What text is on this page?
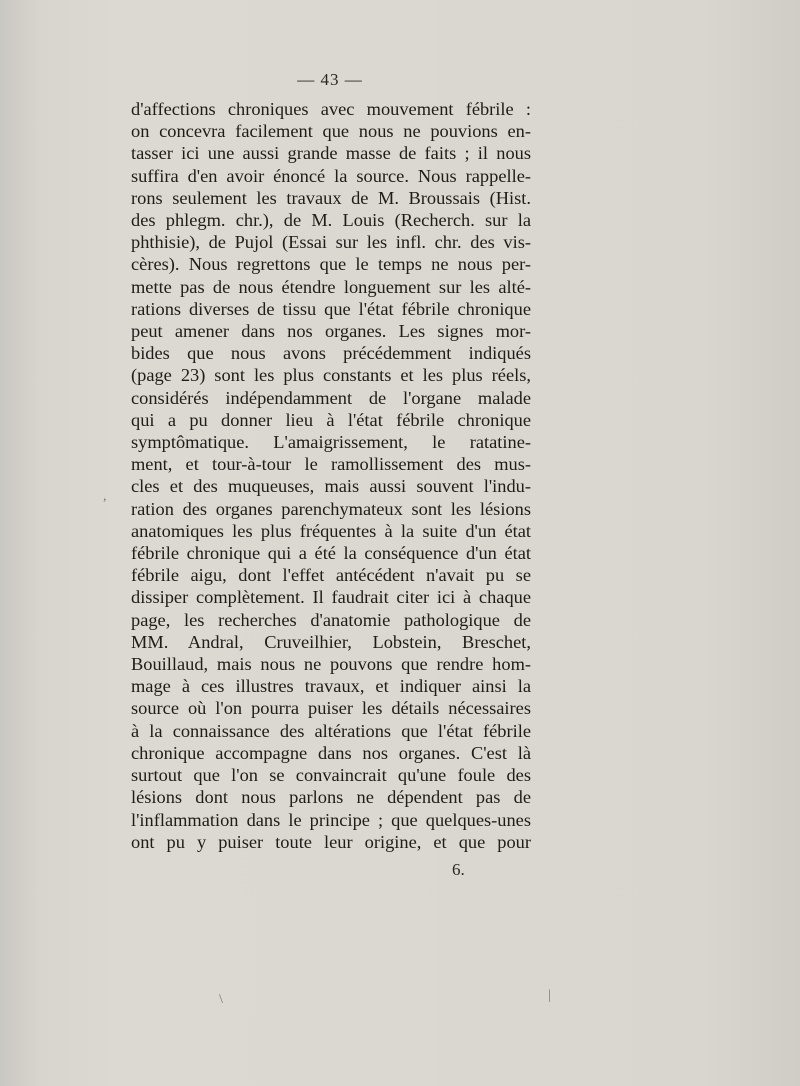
— 43 —
d'affections chroniques avec mouvement fébrile :
on concevra facilement que nous ne pouvions en-
tasser ici une aussi grande masse de faits ; il nous
suffira d'en avoir énoncé la source. Nous rappelle-
rons seulement les travaux de M. Broussais (Hist.
des phlegm. chr.), de M. Louis (Recherch. sur la
phthisie), de Pujol (Essai sur les infl. chr. des vis-
cères). Nous regrettons que le temps ne nous per-
mette pas de nous étendre longuement sur les alté-
rations diverses de tissu que l'état fébrile chronique
peut amener dans nos organes. Les signes mor-
bides que nous avons précédemment indiqués
(page 23) sont les plus constants et les plus réels,
considérés indépendamment de l'organe malade
qui a pu donner lieu à l'état fébrile chronique
symptômatique. L'amaigrissement, le ratatine-
ment, et tour-à-tour le ramollissement des mus-
cles et des muqueuses, mais aussi souvent l'indu-
ration des organes parenchymateux sont les lésions
anatomiques les plus fréquentes à la suite d'un état
fébrile chronique qui a été la conséquence d'un état
fébrile aigu, dont l'effet antécédent n'avait pu se
dissiper complètement. Il faudrait citer ici à chaque
page, les recherches d'anatomie pathologique de
MM. Andral, Cruveilhier, Lobstein, Breschet,
Bouillaud, mais nous ne pouvons que rendre hom-
mage à ces illustres travaux, et indiquer ainsi la
source où l'on pourra puiser les détails nécessaires
à la connaissance des altérations que l'état fébrile
chronique accompagne dans nos organes. C'est là
surtout que l'on se convaincrait qu'une foule des
lésions dont nous parlons ne dépendent pas de
l'inflammation dans le principe ; que quelques-unes
ont pu y puiser toute leur origine, et que pour
6.
,
\	|
